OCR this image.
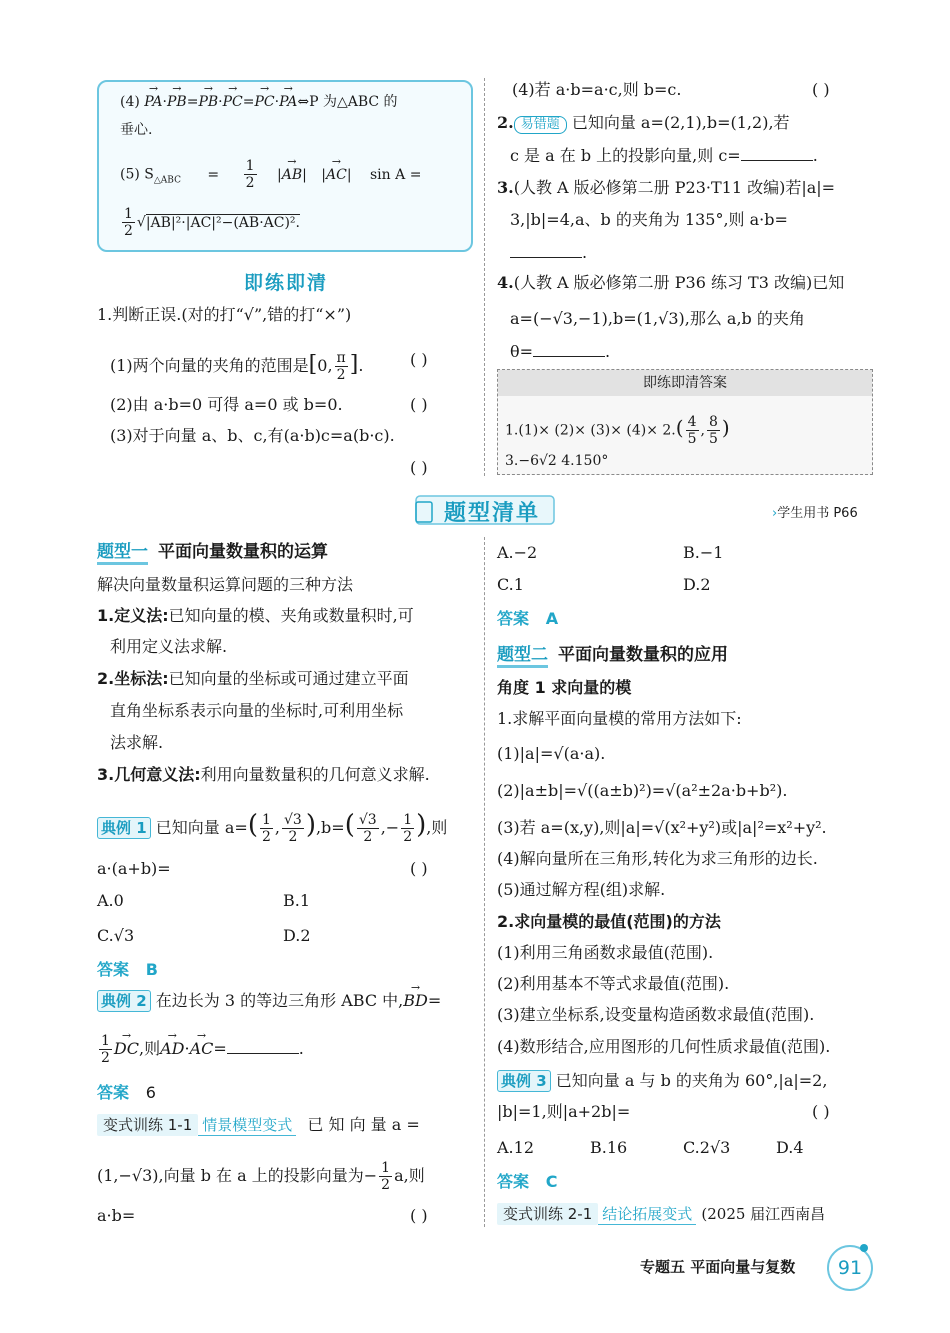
(4) → PA·→ PB=→ PB·→ PC=→ PC·→ PA⇔P 为△ABC 的
垂心.
(5) $S_{\triangle ABC} = \frac{1}{2}$ |→ AB| |→ AC| sin A =
$\frac{1}{2} √|AB|^2\cdot|AC|^2-(AB\cdot AC)^2$.
即练即清
1.判断正误.(对的打“√”,错的打“×”)
(1)两个向量的夹角的范围是[0, $\frac{\pi}{2}$ ].	( )
(2)由 a·b=0 可得 a=0 或 b=0.	( )
(3)对于向量 a、b、c,有(a·b)c=a(b·c).
( )
(4)若 a·b=a·c,则 b=c.	( )
2. 易错题 已知向量 a=(2,1),b=(1,2),若
c 是 a 在 b 上的投影向量,则 c=	.
3.(人教 A 版必修第二册 P23·T11 改编)若|a|=
3,|b|=4,a、b 的夹角为 135°,则 a·b=
.
4.(人教 A 版必修第二册 P36 练习 T3 改编)已知
a=(−√3,−1),b=(1,√3),那么 a,b 的夹角
θ=	.
即练即清答案
$1.(1)\times (2)\times (3)\times (4)\times 2.( \frac{4}{5}$ , $\frac{8}{5}$ )
3.−6√2 4.150°
题型清单	›学生用书 P66
题型一 平面向量数量积的运算
解决向量数量积运算问题的三种方法
1.定义法:已知向量的模、夹角或数量积时,可
利用定义法求解.
2.坐标法:已知向量的坐标或可通过建立平面
直角坐标系表示向量的坐标时,可利用坐标
法求解.
3.几何意义法:利用向量数量积的几何意义求解.
典例 1 已知向量 $a=( \frac{1}{2}$ , $\frac{√3}{2} ),b=( \frac{√3}{2}$ ,− $\frac{1}{2}$ ),则
a·(a+b)=	( )
A.0	B.1
C.√3	D.2
答案 B
典例 2 在边长为 3 的等边三角形 ABC 中,→ BD=
$\frac{1}{2}$ → DC,则→ AD·→ AC=	.
答案 6
变式训练 1-1 情景模型变式 已 知 向 量 a =
(1,−√3),向量 b 在 a 上的投影向量为− $\frac{1}{2} a$,则
a·b=	( )
A.−2	B.−1
C.1	D.2
答案 A
题型二 平面向量数量积的应用
角度 1 求向量的模
1.求解平面向量模的常用方法如下:
(1)|a|=√(a·a).
(2)|a±b|=√((a±b)²)=√(a²±2a·b+b²).
(3)若 a=(x,y),则|a|=√(x²+y²)或|a|²=x²+y².
(4)解向量所在三角形,转化为求三角形的边长.
(5)通过解方程(组)求解.
2.求向量模的最值(范围)的方法
(1)利用三角函数求最值(范围).
(2)利用基本不等式求最值(范围).
(3)建立坐标系,设变量构造函数求最值(范围).
(4)数形结合,应用图形的几何性质求最值(范围).
典例 3 已知向量 a 与 b 的夹角为 60°,|a|=2,
|b|=1,则|a+2b|=	( )
A.12	B.16	C.2√3	D.4
答案 C
变式训练 2-1 结论拓展变式 (2025 届江西南昌
专题五 平面向量与复数	91
